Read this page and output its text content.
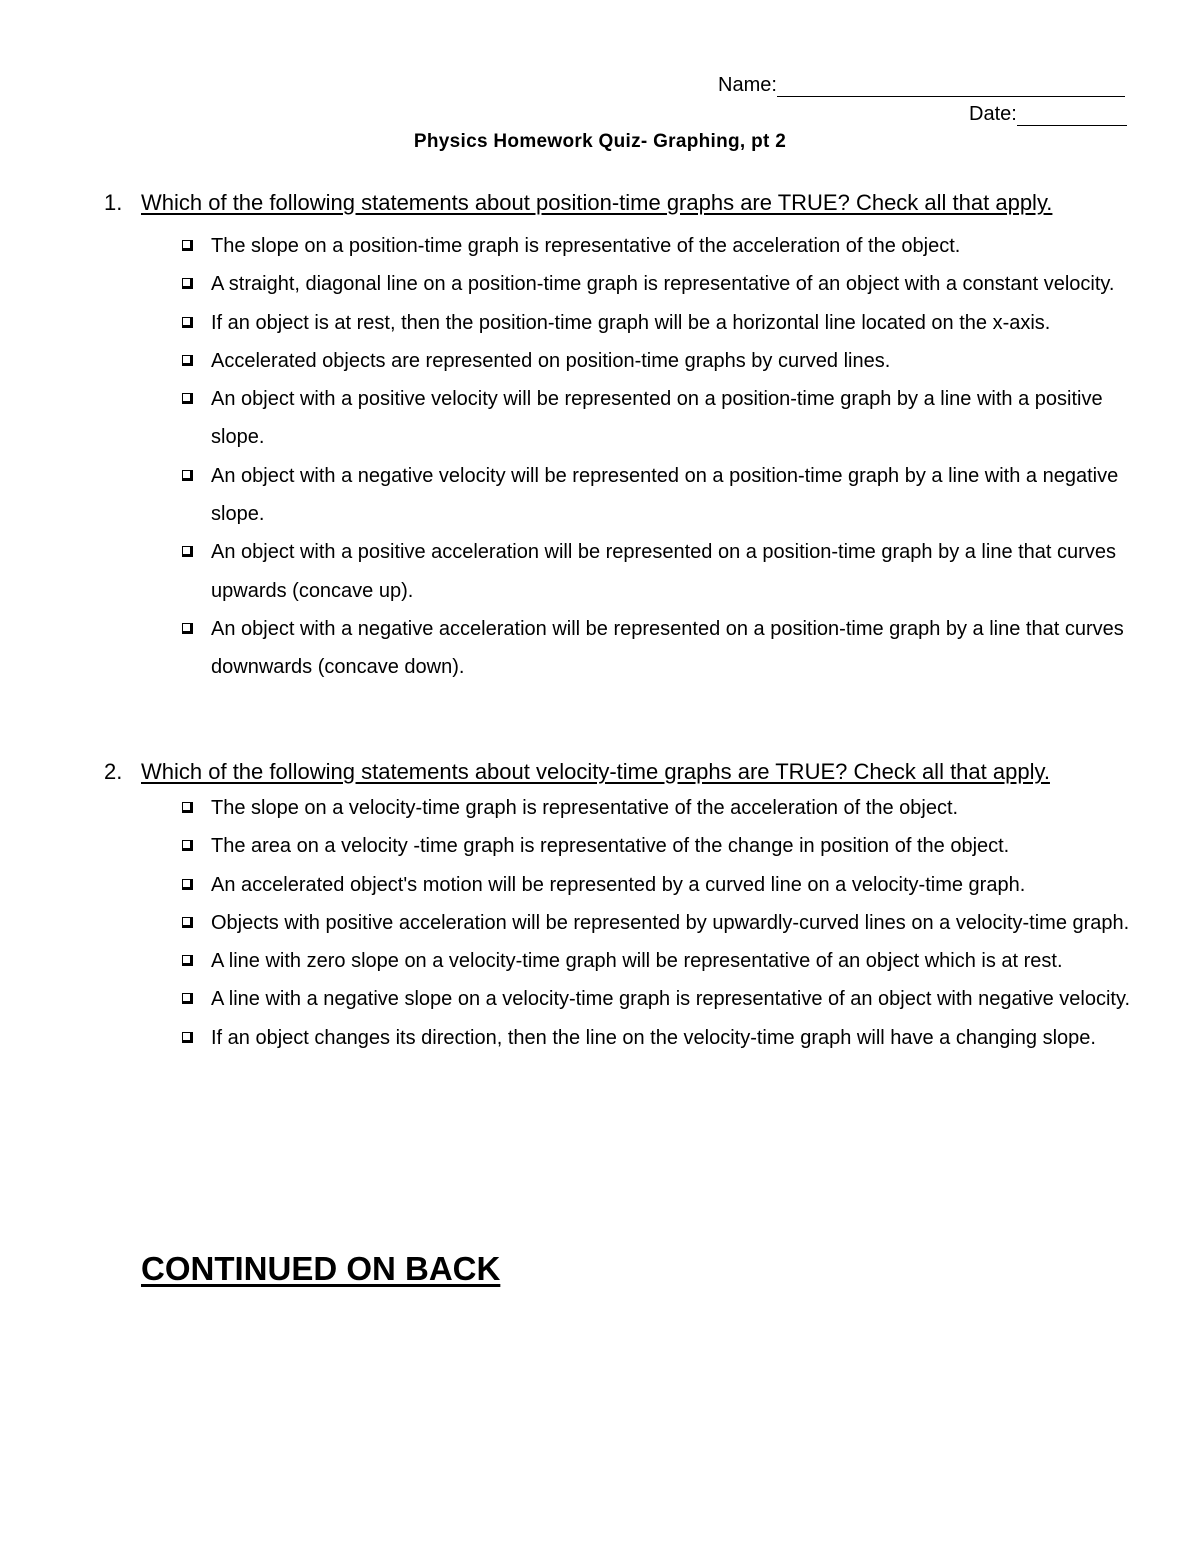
Name:
Date:
Physics Homework Quiz- Graphing, pt 2
1. Which of the following statements about position-time graphs are TRUE? Check all that apply.
The slope on a position-time graph is representative of the acceleration of the object.
A straight, diagonal line on a position-time graph is representative of an object with a constant velocity.
If an object is at rest, then the position-time graph will be a horizontal line located on the x-axis.
Accelerated objects are represented on position-time graphs by curved lines.
An object with a positive velocity will be represented on a position-time graph by a line with a positive slope.
An object with a negative velocity will be represented on a position-time graph by a line with a negative slope.
An object with a positive acceleration will be represented on a position-time graph by a line that curves upwards (concave up).
An object with a negative acceleration will be represented on a position-time graph by a line that curves downwards (concave down).
2. Which of the following statements about velocity-time graphs are TRUE? Check all that apply.
The slope on a velocity-time graph is representative of the acceleration of the object.
The area on a velocity -time graph is representative of the change in position of the object.
An accelerated object's motion will be represented by a curved line on a velocity-time graph.
Objects with positive acceleration will be represented by upwardly-curved lines on a velocity-time graph.
A line with zero slope on a velocity-time graph will be representative of an object which is at rest.
A line with a negative slope on a velocity-time graph is representative of an object with negative velocity.
If an object changes its direction, then the line on the velocity-time graph will have a changing slope.
CONTINUED ON BACK
